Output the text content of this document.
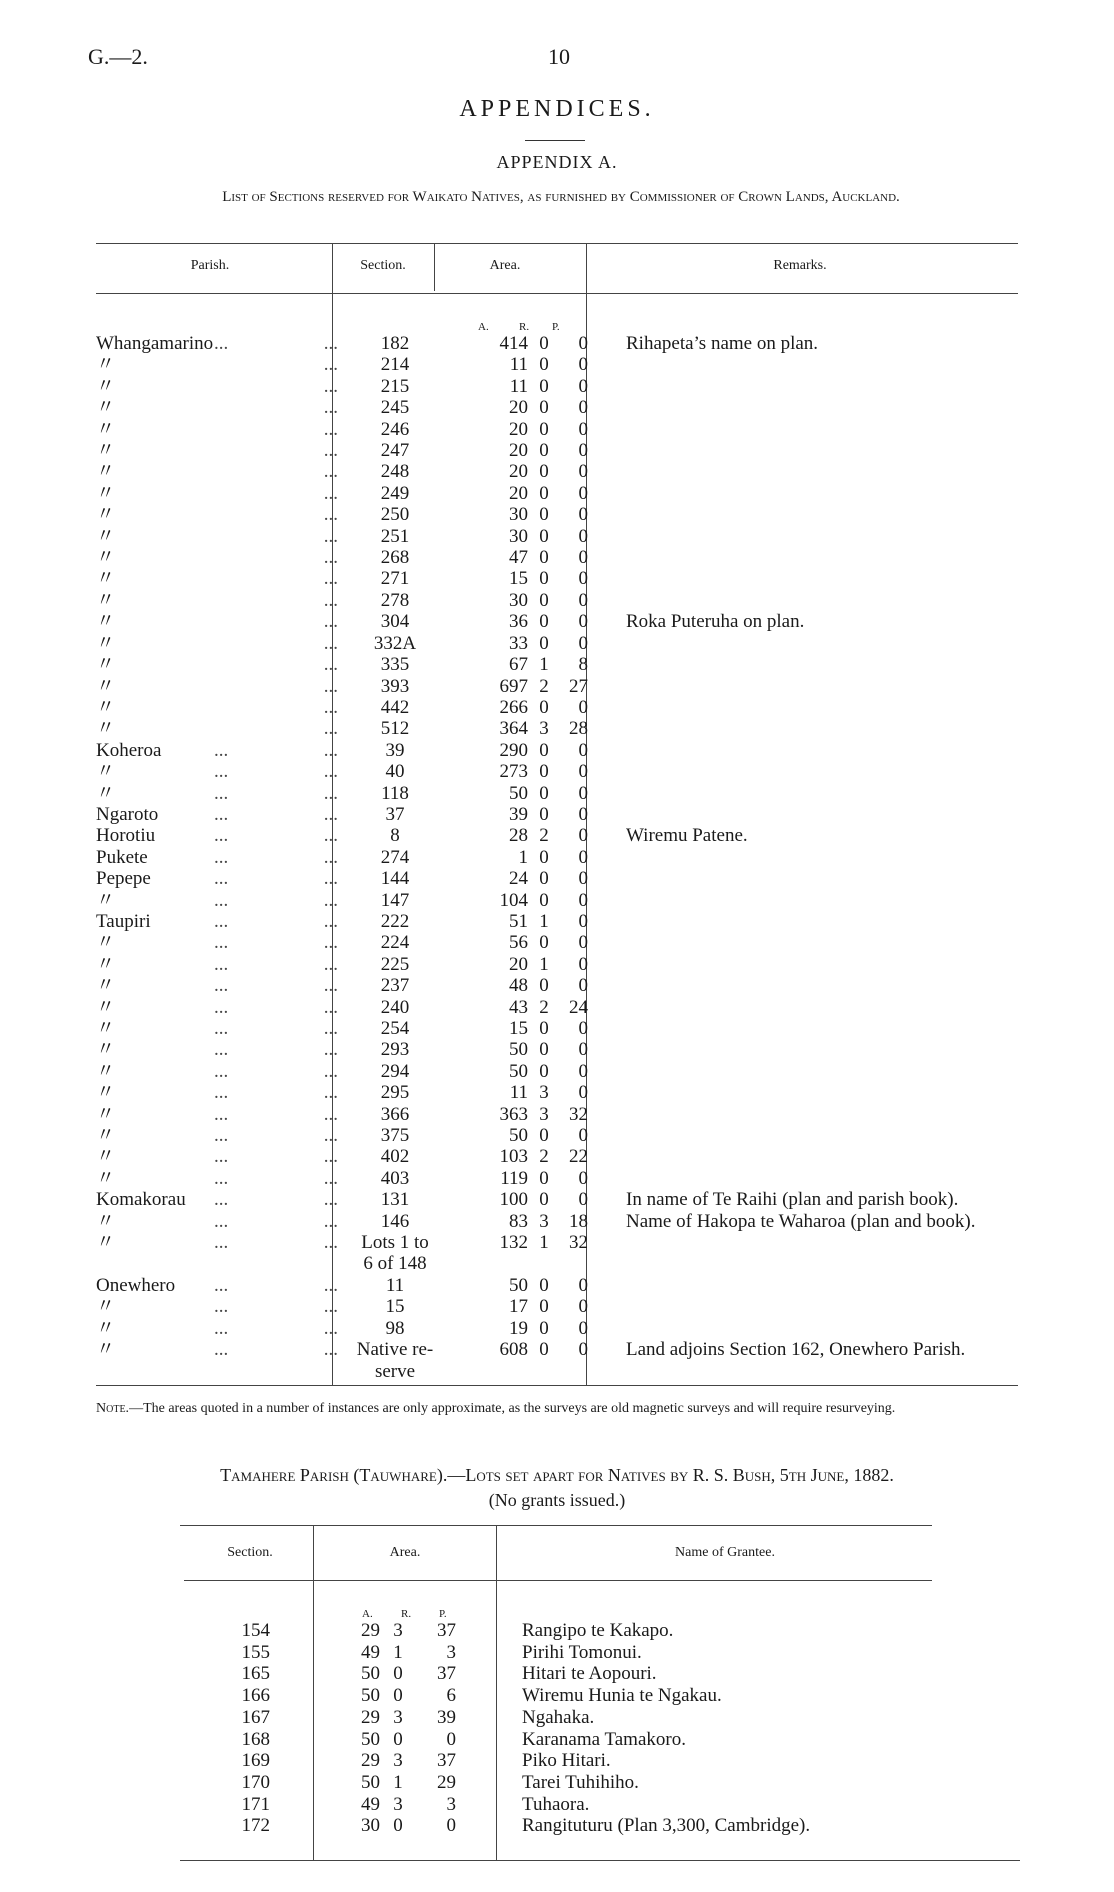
G.—2.	10
APPENDICES.
APPENDIX A.
List of Sections reserved for Waikato Natives, as furnished by Commissioner of Crown Lands, Auckland.
Parish.	Section.	Area.	Remarks.
A.	R. P.
Whangamarino	...	...	182	414	0	0	Rihapeta’s name on plan.
〃		...	214	11	0	0	
〃		...	215	11	0	0	
〃		...	245	20	0	0	
〃		...	246	20	0	0	
〃		...	247	20	0	0	
〃		...	248	20	0	0	
〃		...	249	20	0	0	
〃		...	250	30	0	0	
〃		...	251	30	0	0	
〃		...	268	47	0	0	
〃		...	271	15	0	0	
〃		...	278	30	0	0	
〃		...	304	36	0	0	Roka Puteruha on plan.
〃		...	332A	33	0	0	
〃		...	335	67	1	8	
〃		...	393	697	2	27	
〃		...	442	266	0	0	
〃		...	512	364	3	28	
Koheroa	...	...	39	290	0	0	
〃	...	...	40	273	0	0	
〃	...	...	118	50	0	0	
Ngaroto	...	...	37	39	0	0	
Horotiu	...	...	8	28	2	0	Wiremu Patene.
Pukete	...	...	274	1	0	0	
Pepepe	...	...	144	24	0	0	
〃	...	...	147	104	0	0	
Taupiri	...	...	222	51	1	0	
〃	...	...	224	56	0	0	
〃	...	...	225	20	1	0	
〃	...	...	237	48	0	0	
〃	...	...	240	43	2	24	
〃	...	...	254	15	0	0	
〃	...	...	293	50	0	0	
〃	...	...	294	50	0	0	
〃	...	...	295	11	3	0	
〃	...	...	366	363	3	32	
〃	...	...	375	50	0	0	
〃	...	...	402	103	2	22	
〃	...	...	403	119	0	0	
Komakorau	...	...	131	100	0	0	In name of Te Raihi (plan and parish book).
〃	...	...	146	83	3	18	Name of Hakopa te Waharoa (plan and book).
〃	...	...	Lots 1 to	132	1	32	
			6 of 148				
Onewhero	...	...	11	50	0	0	
〃	...	...	15	17	0	0	
〃	...	...	98	19	0	0	
〃	...	...	Native re-	608	0	0	Land adjoins Section 162, Onewhero Parish.
			serve				
Note.—The areas quoted in a number of instances are only approximate, as the surveys are old magnetic surveys and will require resurveying.
Tamahere Parish (Tauwhare).—Lots set apart for Natives by R. S. Bush, 5th June, 1882.
(No grants issued.)
Section.	Area.	Name of Grantee.
A.	R.	P.
154		29	3	37		Rangipo te Kakapo.
155		49	1	3		Pirihi Tomonui.
165		50	0	37		Hitari te Aopouri.
166		50	0	6		Wiremu Hunia te Ngakau.
167		29	3	39		Ngahaka.
168		50	0	0		Karanama Tamakoro.
169		29	3	37		Piko Hitari.
170		50	1	29		Tarei Tuhihiho.
171		49	3	3		Tuhaora.
172		30	0	0		Rangituturu (Plan 3,300, Cambridge).
